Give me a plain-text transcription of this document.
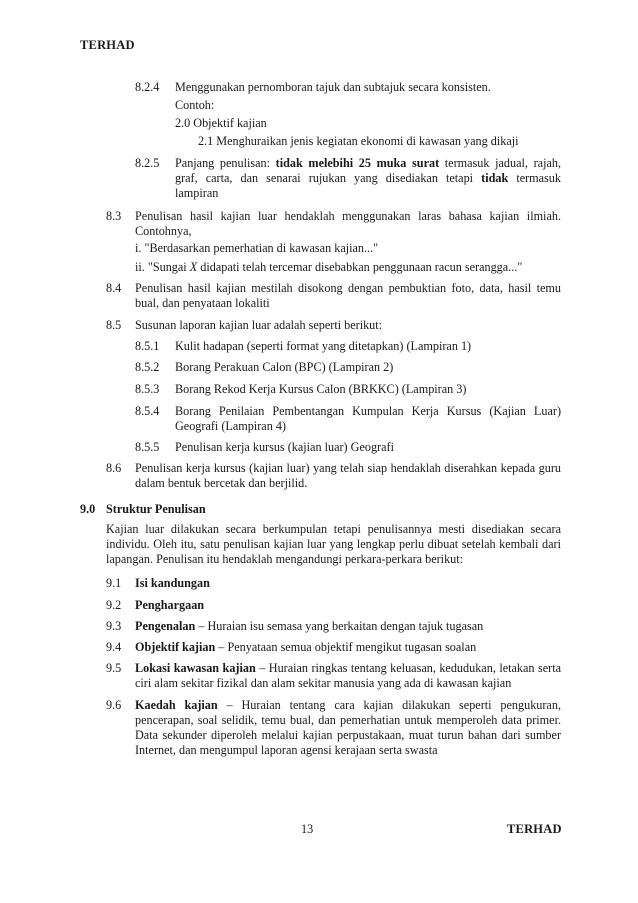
TERHAD
8.2.4 Menggunakan pernomboran tajuk dan subtajuk secara konsisten.
Contoh:
2.0 Objektif kajian
2.1 Menghuraikan jenis kegiatan ekonomi di kawasan yang dikaji
8.2.5 Panjang penulisan: tidak melebihi 25 muka surat termasuk jadual, rajah, graf, carta, dan senarai rujukan yang disediakan tetapi tidak termasuk lampiran
8.3 Penulisan hasil kajian luar hendaklah menggunakan laras bahasa kajian ilmiah. Contohnya,
i. "Berdasarkan pemerhatian di kawasan kajian..."
ii. "Sungai X didapati telah tercemar disebabkan penggunaan racun serangga..."
8.4 Penulisan hasil kajian mestilah disokong dengan pembuktian foto, data, hasil temu bual, dan penyataan lokaliti
8.5 Susunan laporan kajian luar adalah seperti berikut:
8.5.1 Kulit hadapan (seperti format yang ditetapkan) (Lampiran 1)
8.5.2 Borang Perakuan Calon (BPC) (Lampiran 2)
8.5.3 Borang Rekod Kerja Kursus Calon (BRKKC) (Lampiran 3)
8.5.4 Borang Penilaian Pembentangan Kumpulan Kerja Kursus (Kajian Luar) Geografi (Lampiran 4)
8.5.5 Penulisan kerja kursus (kajian luar) Geografi
8.6 Penulisan kerja kursus (kajian luar) yang telah siap hendaklah diserahkan kepada guru dalam bentuk bercetak dan berjilid.
9.0 Struktur Penulisan
Kajian luar dilakukan secara berkumpulan tetapi penulisannya mesti disediakan secara individu. Oleh itu, satu penulisan kajian luar yang lengkap perlu dibuat setelah kembali dari lapangan. Penulisan itu hendaklah mengandungi perkara-perkara berikut:
9.1 Isi kandungan
9.2 Penghargaan
9.3 Pengenalan – Huraian isu semasa yang berkaitan dengan tajuk tugasan
9.4 Objektif kajian – Penyataan semua objektif mengikut tugasan soalan
9.5 Lokasi kawasan kajian – Huraian ringkas tentang keluasan, kedudukan, letakan serta ciri alam sekitar fizikal dan alam sekitar manusia yang ada di kawasan kajian
9.6 Kaedah kajian – Huraian tentang cara kajian dilakukan seperti pengukuran, pencerapan, soal selidik, temu bual, dan pemerhatian untuk memperoleh data primer. Data sekunder diperoleh melalui kajian perpustakaan, muat turun bahan dari sumber Internet, dan mengumpul laporan agensi kerajaan serta swasta
13	TERHAD
